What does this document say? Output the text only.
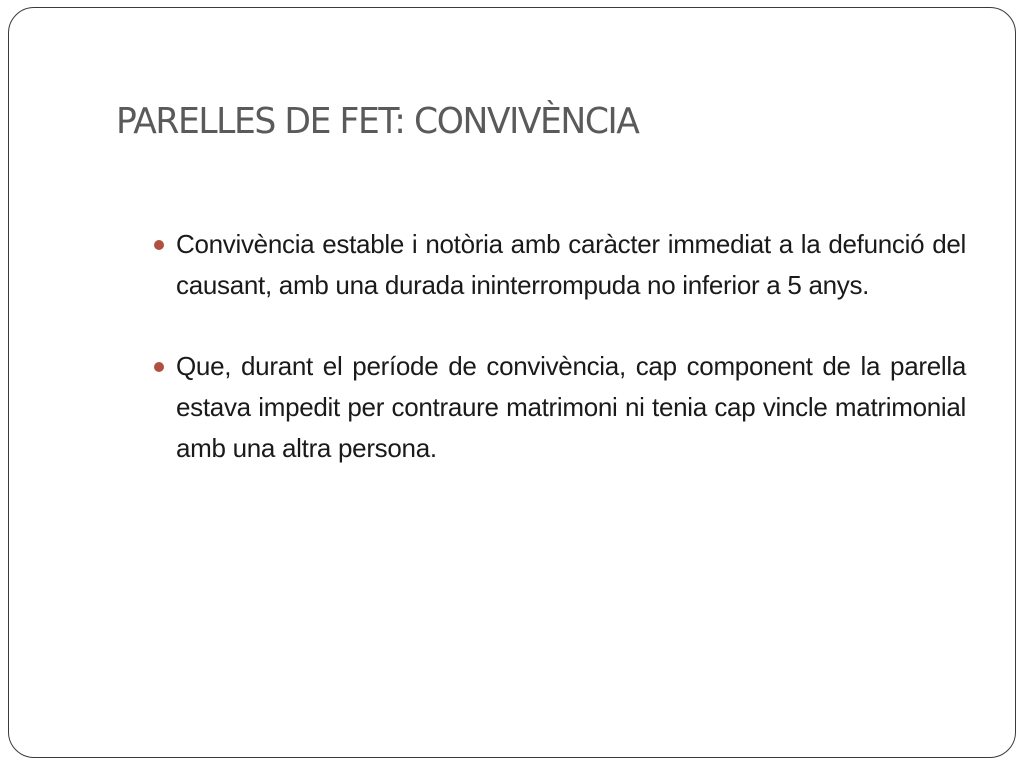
PARELLES DE FET: CONVIVÈNCIA
Convivència estable i notòria amb caràcter immediat a la defunció del causant, amb una durada ininterrompuda no inferior a 5 anys.
Que, durant el període de convivència, cap component de la parella estava impedit per contraure matrimoni ni tenia cap vincle matrimonial amb una altra persona.
